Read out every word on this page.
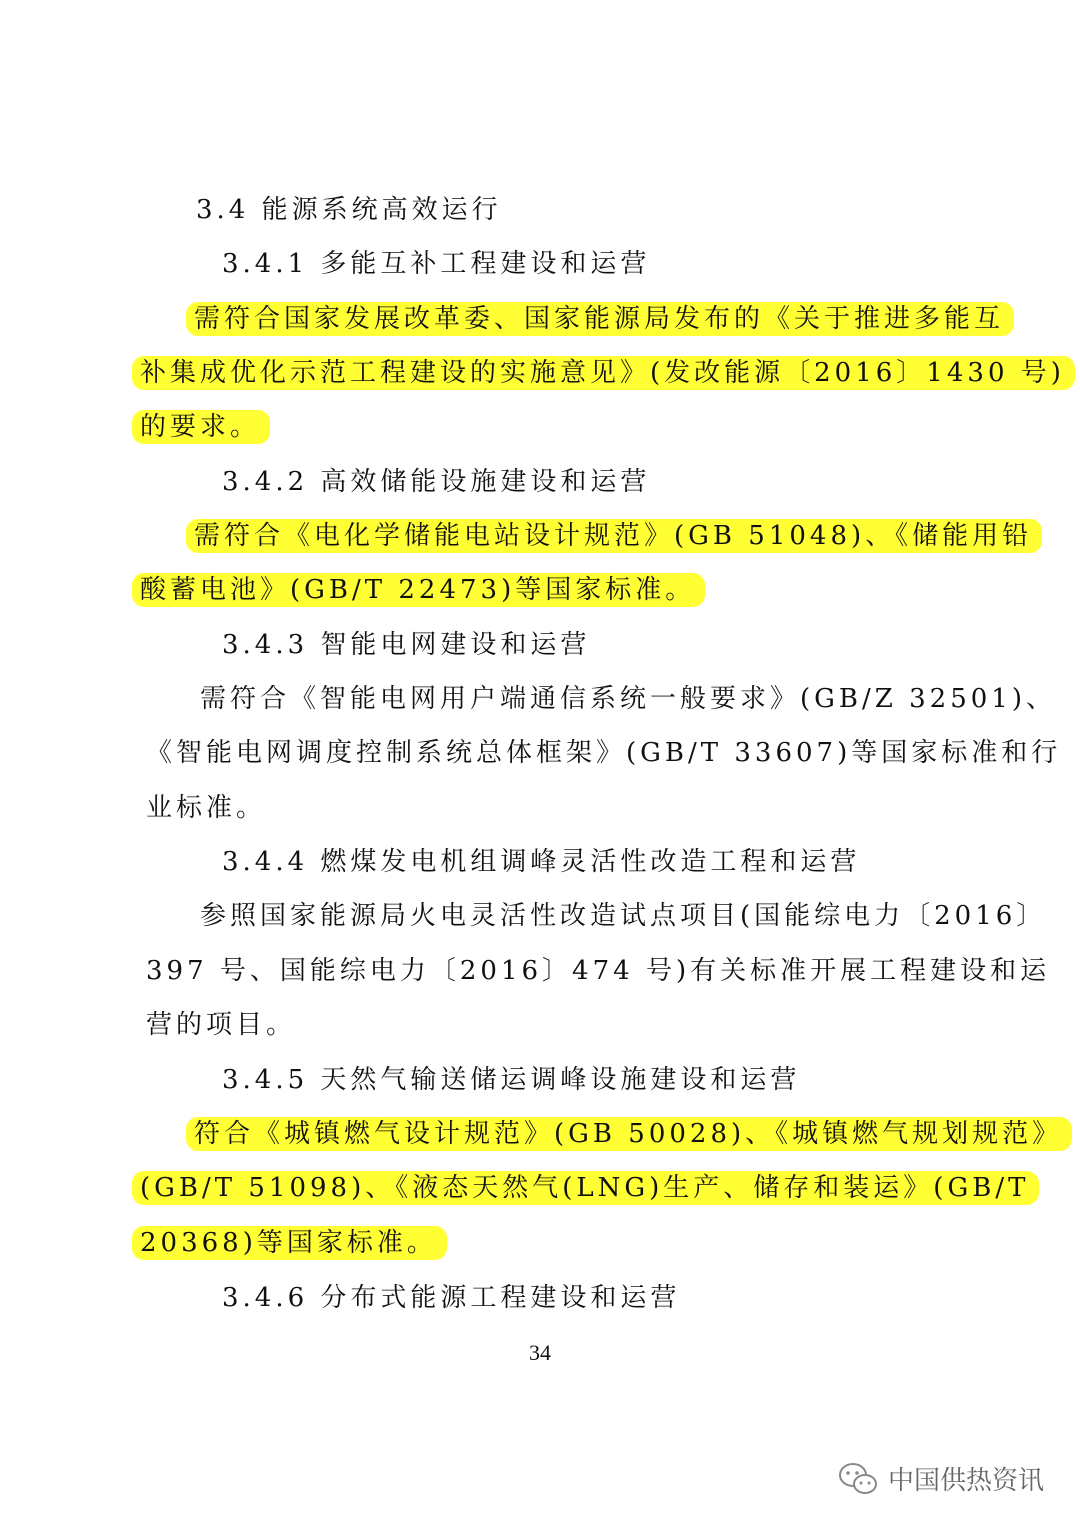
3.4 能源系统高效运行
3.4.1 多能互补工程建设和运营
需符合国家发展改革委、国家能源局发布的《关于推进多能互
补集成优化示范工程建设的实施意见》(发改能源〔2016〕1430 号)
的要求。
3.4.2 高效储能设施建设和运营
需符合《电化学储能电站设计规范》(GB 51048)、《储能用铅
酸蓄电池》(GB/T 22473)等国家标准。
3.4.3 智能电网建设和运营
需符合《智能电网用户端通信系统一般要求》(GB/Z 32501)、
《智能电网调度控制系统总体框架》(GB/T 33607)等国家标准和行
业标准。
3.4.4 燃煤发电机组调峰灵活性改造工程和运营
参照国家能源局火电灵活性改造试点项目(国能综电力〔2016〕
397 号、国能综电力〔2016〕474 号)有关标准开展工程建设和运
营的项目。
3.4.5 天然气输送储运调峰设施建设和运营
符合《城镇燃气设计规范》(GB 50028)、《城镇燃气规划规范》
(GB/T 51098)、《液态天然气(LNG)生产、储存和装运》(GB/T
20368)等国家标准。
3.4.6 分布式能源工程建设和运营
34
中国供热资讯
